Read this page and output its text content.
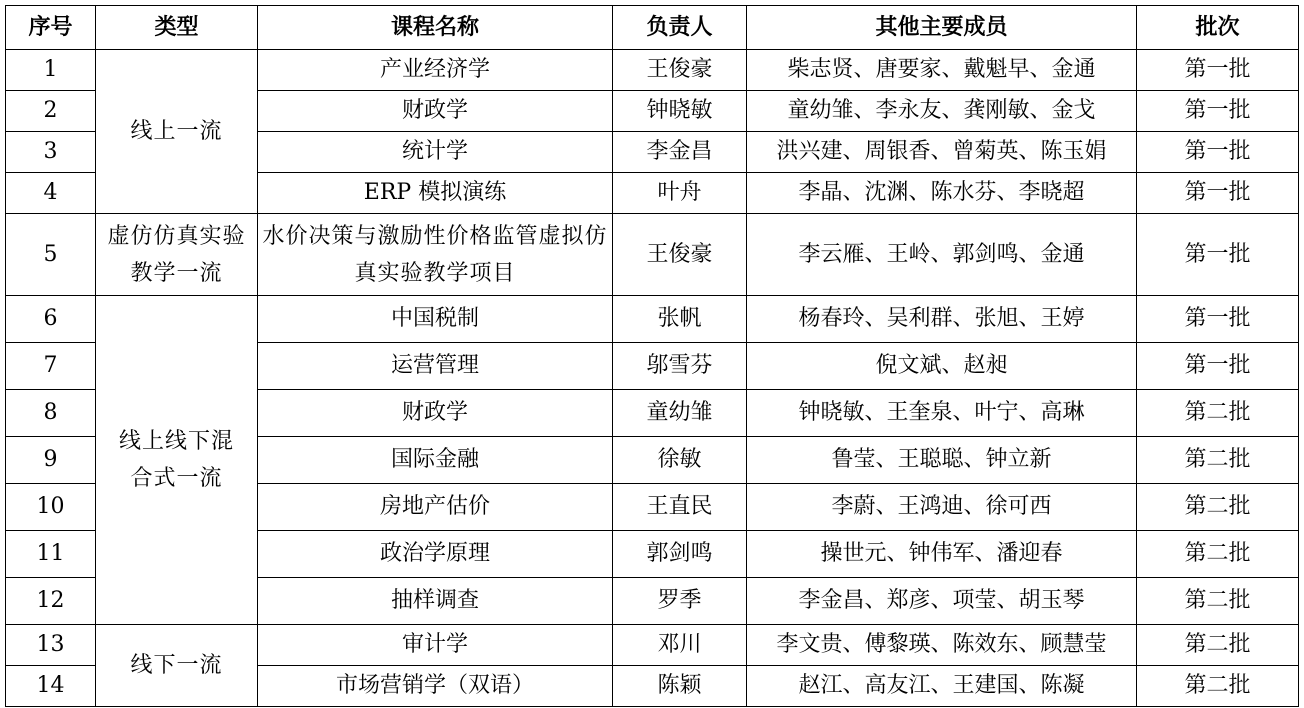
序号	类型	课程名称	负责人	其他主要成员	批次
1	线上一流	产业经济学	王俊豪	柴志贤、唐要家、戴魁早、金通	第一批
2		财政学	钟晓敏	童幼雏、李永友、龚刚敏、金戈	第一批
3		统计学	李金昌	洪兴建、周银香、曾菊英、陈玉娟	第一批
4		ERP 模拟演练	叶舟	李晶、沈渊、陈水芬、李晓超	第一批
5	虚仿仿真实验教学一流	水价决策与激励性价格监管虚拟仿真实验教学项目	王俊豪	李云雁、王岭、郭剑鸣、金通	第一批
6	线上线下混合式一流	中国税制	张帆	杨春玲、吴利群、张旭、王婷	第一批
7		运营管理	邬雪芬	倪文斌、赵昶	第一批
8		财政学	童幼雏	钟晓敏、王奎泉、叶宁、高琳	第二批
9		国际金融	徐敏	鲁莹、王聪聪、钟立新	第二批
10		房地产估价	王直民	李蔚、王鸿迪、徐可西	第二批
11		政治学原理	郭剑鸣	操世元、钟伟军、潘迎春	第二批
12		抽样调查	罗季	李金昌、郑彦、项莹、胡玉琴	第二批
13	线下一流	审计学	邓川	李文贵、傅黎瑛、陈效东、顾慧莹	第二批
14		市场营销学（双语）	陈颖	赵江、高友江、王建国、陈凝	第二批
